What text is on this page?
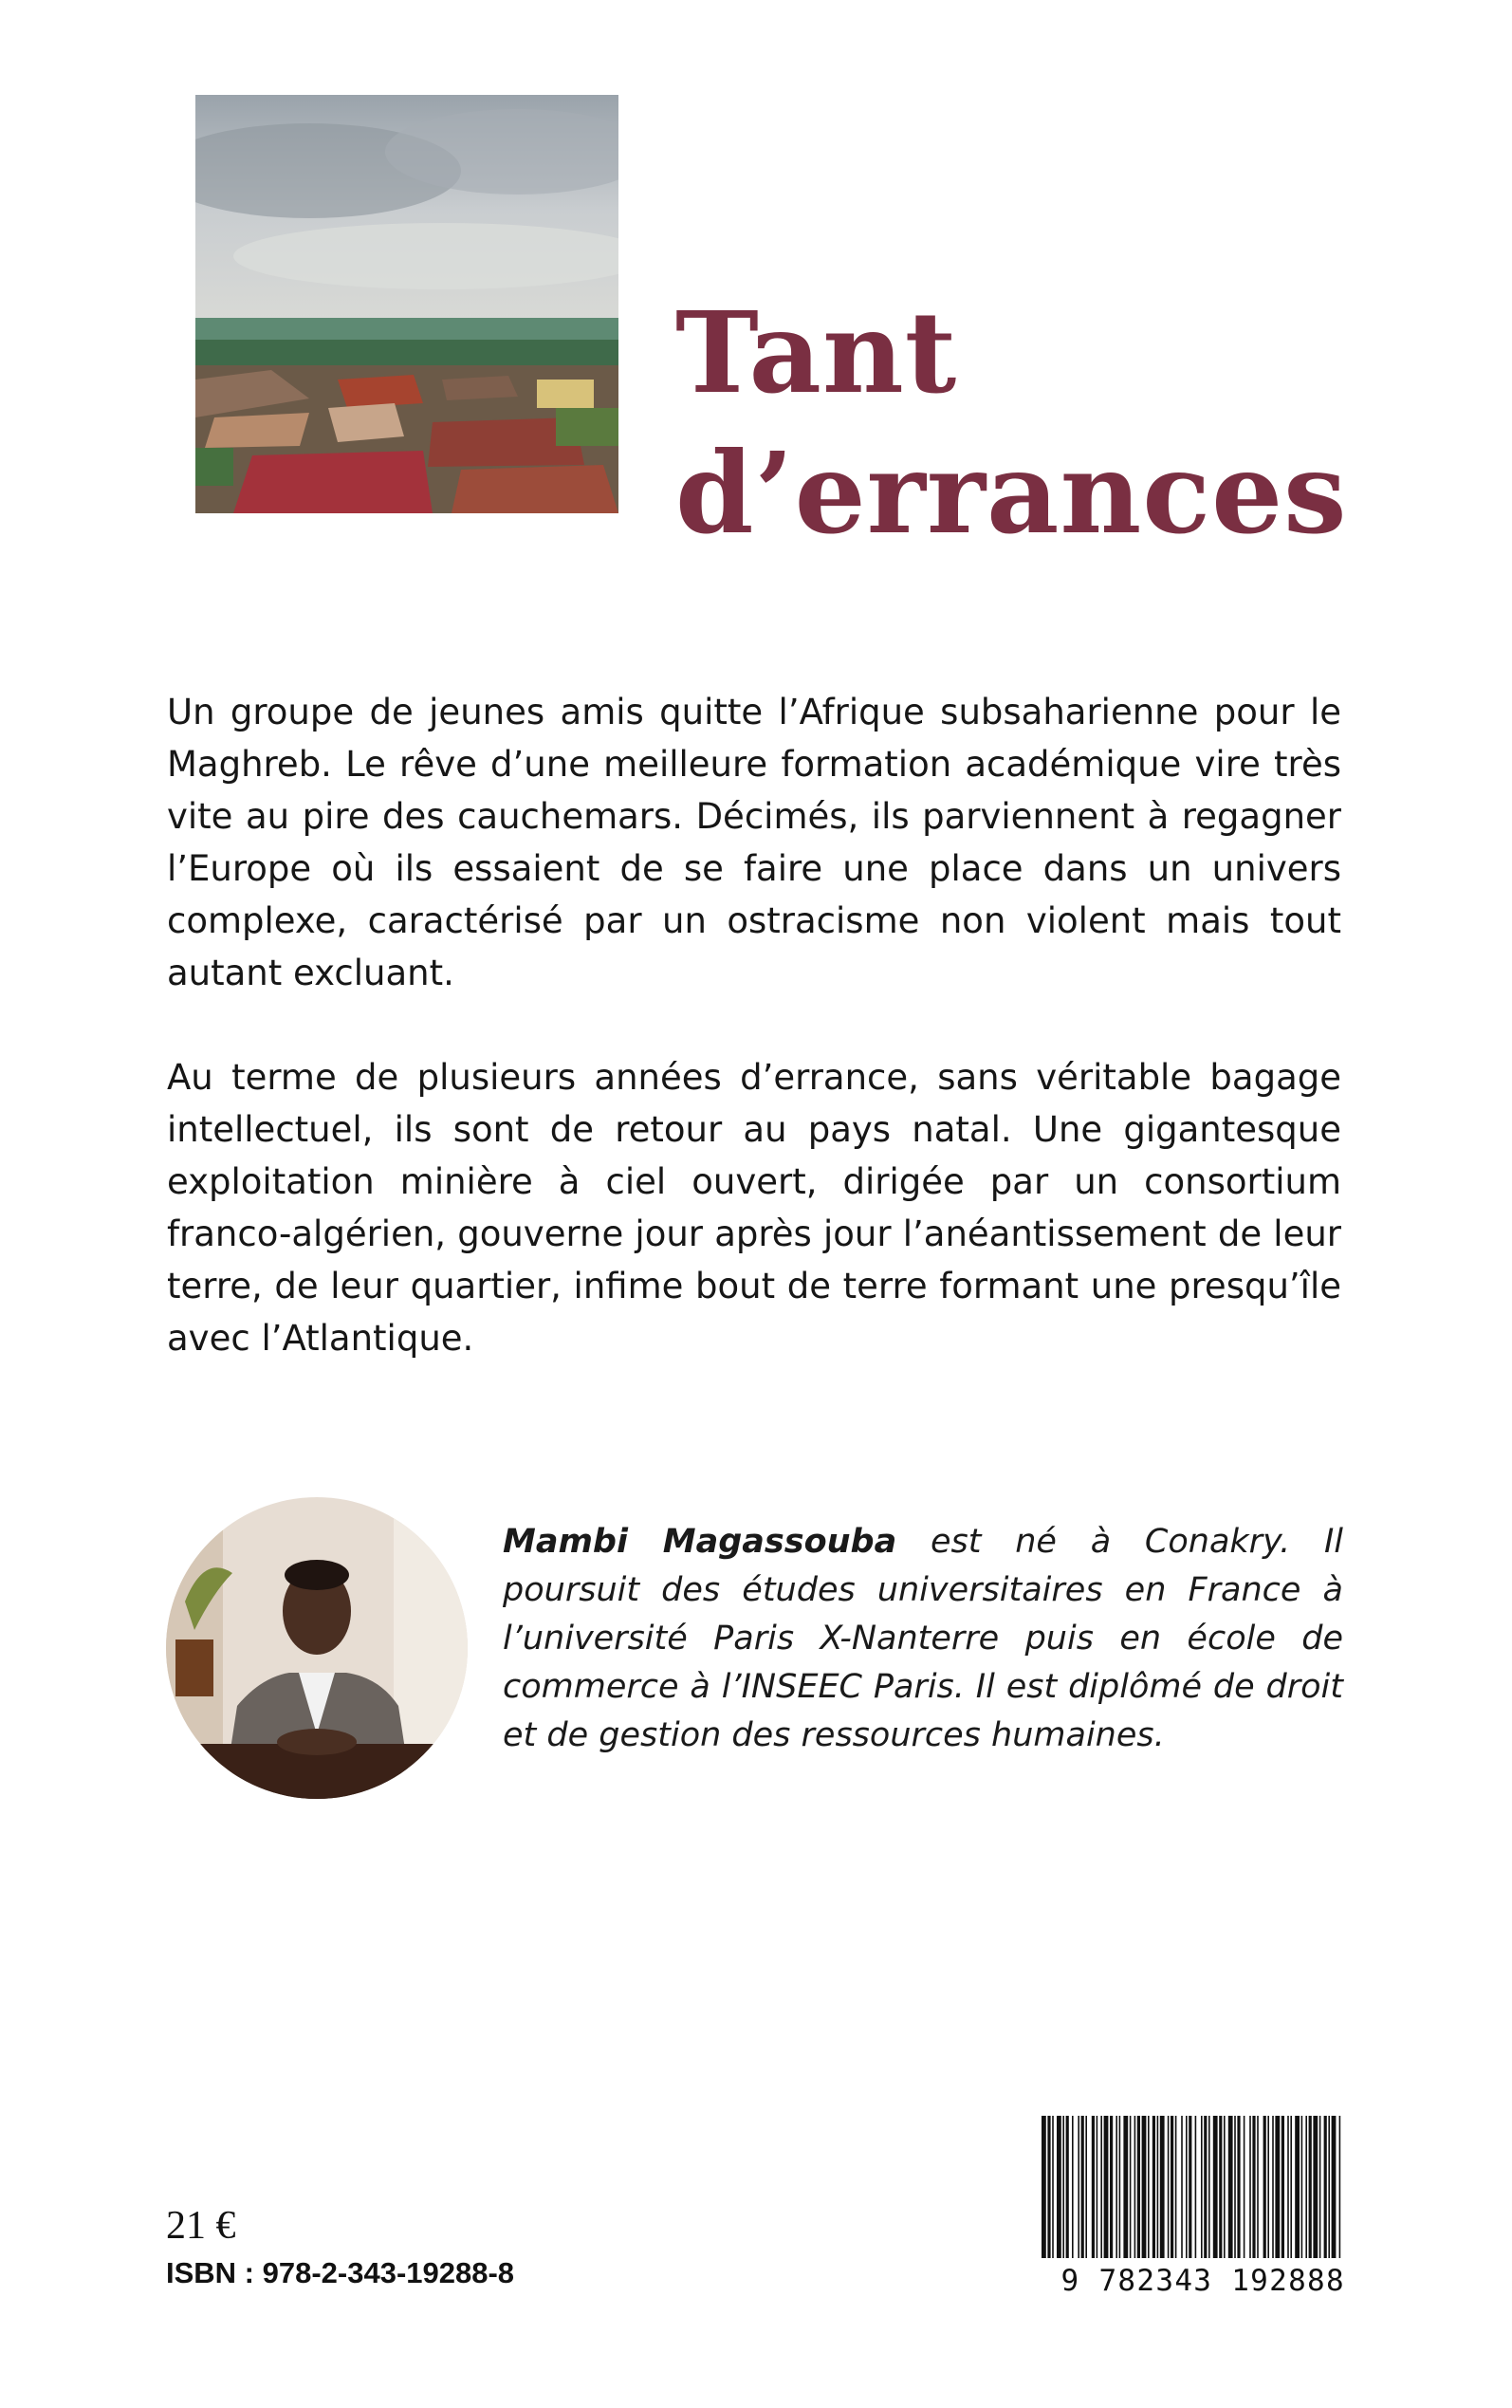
Tant
d’errances

Un groupe de jeunes amis quitte l’Afrique subsaharienne pour le Maghreb. Le rêve d’une meilleure formation académique vire très vite au pire des cauchemars. Décimés, ils parviennent à regagner l’Europe où ils essaient de se faire une place dans un univers complexe, caractérisé par un ostracisme non violent mais tout autant excluant.

Au terme de plusieurs années d’errance, sans véritable bagage intellectuel, ils sont de retour au pays natal. Une gigantesque exploitation minière à ciel ouvert, dirigée par un consortium franco-algérien, gouverne jour après jour l’anéantissement de leur terre, de leur quartier, infime bout de terre formant une presqu’île avec l’Atlantique.

Mambi Magassouba est né à Conakry. Il poursuit des études universitaires en France à l’université Paris X-Nanterre puis en école de commerce à l’INSEEC Paris. Il est diplômé de droit et de gestion des ressources humaines.

21 €
ISBN : 978-2-343-19288-8	9 782343 192888
